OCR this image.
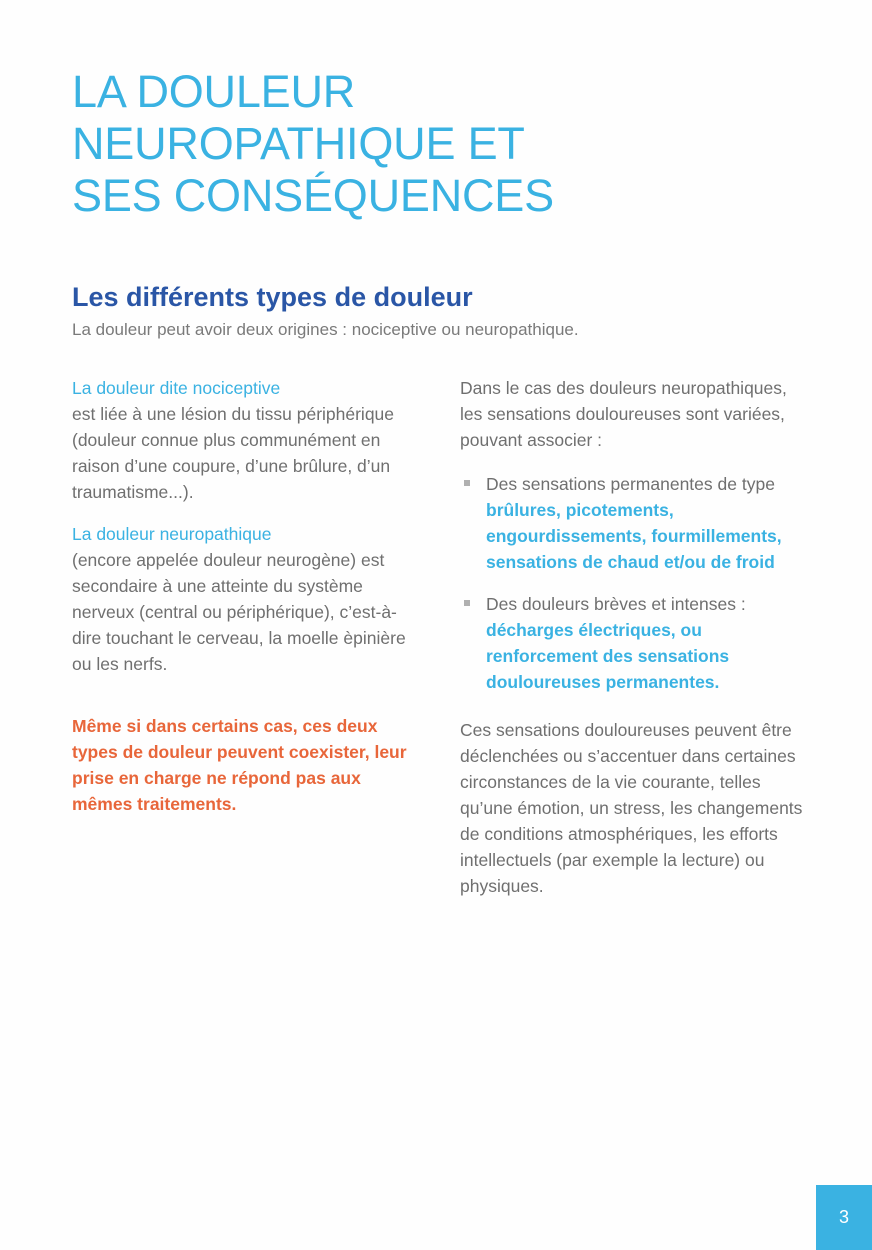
LA DOULEUR
NEUROPATHIQUE ET
SES CONSÉQUENCES
Les différents types de douleur

La douleur peut avoir deux origines : nociceptive ou neuropathique.

La douleur dite nociceptive
est liée à une lésion du tissu périphérique (douleur connue plus communément en raison d’une coupure, d’une brûlure, d’un traumatisme...).
La douleur neuropathique
(encore appelée douleur neurogène) est secondaire à une atteinte du système nerveux (central ou périphérique), c’est-à-dire touchant le cerveau, la moelle èpinière ou les nerfs.
Même si dans certains cas, ces deux types de douleur peuvent coexister, leur prise en charge ne répond pas aux mêmes traitements.
Dans le cas des douleurs neuropathiques, les sensations douloureuses sont variées, pouvant associer :
Des sensations permanentes de type brûlures, picotements, engourdissements, fourmillements, sensations de chaud et/ou de froid
Des douleurs brèves et intenses : décharges électriques, ou renforcement des sensations douloureuses permanentes.
Ces sensations douloureuses peuvent être déclenchées ou s’accentuer dans certaines circonstances de la vie courante, telles qu’une émotion, un stress, les changements de conditions atmosphériques, les efforts intellectuels (par exemple la lecture) ou physiques.
3
